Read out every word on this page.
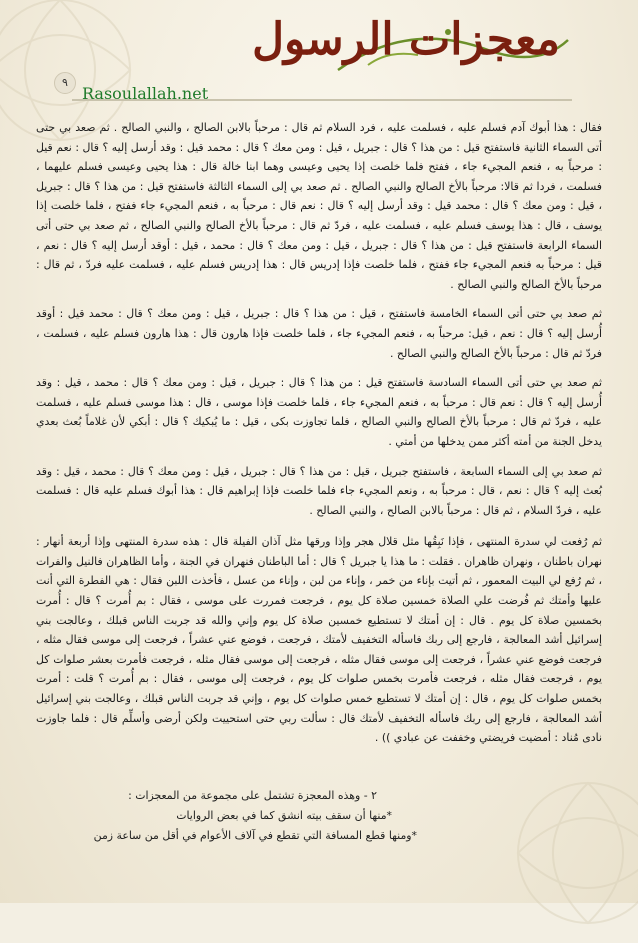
معجزات الرسول
٩
Rasoulallah.net

فقال : هذا أبوك آدم فسلم عليه ، فسلمت عليه ، فرد السلام ثم قال : مرحباً بالابن الصالح ، والنبي الصالح . ثم صعد بي حتى أتى السماء الثانية فاستفتح قيل : من هذا ؟ قال : جبريل ، قيل : ومن معك ؟ قال : محمد قيل : وقد أرسل إليه ؟ قال : نعم قيل : مرحباً به ، فنعم المجيء جاء ، ففتح فلما خلصت إذا يحيى وعيسى وهما ابنا خالة قال : هذا يحيى وعيسى فسلم عليهما ، فسلمت ، فردا ثم قالا: مرحباً بالأخ الصالح والنبي الصالح . ثم صعد بي إلى السماء الثالثة فاستفتح قيل : من هذا ؟ قال : جبريل ، قيل : ومن معك ؟ قال : محمد قيل : وقد أرسل إليه ؟ قال : نعم قال : مرحباً به ، فنعم المجيء جاء ففتح ، فلما خلصت إذا يوسف ، قال : هذا يوسف فسلم عليه ، فسلمت عليه ، فردّ ثم قال : مرحباً بالأخ الصالح والنبي الصالح ، ثم صعد بي حتى أتى السماء الرابعة فاستفتح قيل : من هذا ؟ قال : جبريل ، قيل : ومن معك ؟ قال : محمد ، قيل : أوقد أرسل إليه ؟ قال : نعم ، قيل : مرحباً به فنعم المجيء جاء ففتح ، فلما خلصت فإذا إدريس قال : هذا إدريس فسلم عليه ، فسلمت عليه فردّ ، ثم قال : مرحباً بالأخ الصالح والنبي الصالح .

ثم صعد بي حتى أتى السماء الخامسة فاستفتح ، قيل : من هذا ؟ قال : جبريل ، قيل : ومن معك ؟ قال : محمد قيل : أوقد أُرسل إليه ؟ قال : نعم ، قيل: مرحباً به ، فنعم المجيء جاء ، فلما خلصت فإذا هارون قال : هذا هارون فسلم عليه ، فسلمت ، فردّ ثم قال : مرحباً بالأخ الصالح والنبي الصالح .

ثم صعد بي حتى أتى السماء السادسة فاستفتح قيل : من هذا ؟ قال : جبريل ، قيل : ومن معك ؟ قال : محمد ، قيل : وقد أُرسل إليه ؟ قال : نعم قال : مرحباً به ، فنعم المجيء جاء ، فلما خلصت فإذا موسى ، قال : هذا موسى فسلم عليه ، فسلمت عليه ، فردّ ثم قال : مرحباً بالأخ الصالح والنبي الصالح ، فلما تجاوزت بكى ، قيل : ما يُبكيك ؟ قال : أبكي لأن غلاماً بُعث بعدي يدخل الجنة من أمته أكثر ممن يدخلها من أمتي .

ثم صعد بي إلى السماء السابعة ، فاستفتح جبريل ، قيل : من هذا ؟ قال : جبريل ، قيل : ومن معك ؟ قال : محمد ، قيل : وقد بُعث إليه ؟ قال : نعم ، قال : مرحباً به ، ونعم المجيء جاء فلما خلصت فإذا إبراهيم قال : هذا أبوك فسلم عليه قال : فسلمت عليه ، فردّ السلام ، ثم قال : مرحباً بالابن الصالح ، والنبي الصالح .

ثم رُفعت لي سدرة المنتهى ، فإذا نَبِقُها مثل قلال هجر وإذا ورقها مثل آذان الفيلة قال : هذه سدرة المنتهى وإذا أربعة أنهار : نهران باطنان ، ونهران ظاهران . فقلت : ما هذا يا جبريل ؟ قال : أما الباطنان فنهران في الجنة ، وأما الظاهران فالنيل والفرات ، ثم رُفع لي البيت المعمور ، ثم أتيت بإناء من خمر ، وإناء من لبن ، وإناء من عسل ، فأخذت اللبن فقال : هي الفطرة التي أنت عليها وأمتك ثم فُرضت علي الصلاة خمسين صلاة كل يوم ، فرجعت فمررت على موسى ، فقال : بم أُمرت ؟ قال : أُمرت بخمسين صلاة كل يوم . قال : إن أمتك لا تستطيع خمسين صلاة كل يوم وإني والله قد جربت الناس قبلك ، وعالجت بني إسرائيل أشد المعالجة ، فارجع إلى ربك فاسأله التخفيف لأمتك ، فرجعت ، فوضع عني عشراً ، فرجعت إلى موسى فقال مثله ، فرجعت فوضع عني عشراً ، فرجعت إلى موسى فقال مثله ، فرجعت إلى موسى فقال مثله ، فرجعت فأمرت بعشر صلوات كل يوم ، فرجعت فقال مثله ، فرجعت فأمرت بخمس صلوات كل يوم ، فرجعت إلى موسى ، فقال : بم أُمرت ؟ قلت : أمرت بخمس صلوات كل يوم ، قال : إن أمتك لا تستطيع خمس صلوات كل يوم ، وإني قد جربت الناس قبلك ، وعالجت بني إسرائيل أشد المعالجة ، فارجع إلى ربك فاسأله التخفيف لأمتك قال : سألت ربي حتى استحييت ولكن أرضى وأسلِّم قال : فلما جاوزت نادى مُناد : أمضيت فريضتي وخففت عن عبادي )) .

٢ - وهذه المعجزة تشتمل على مجموعة من المعجزات :

*منها أن سقف بيته انشق كما في بعض الروايات

*ومنها قطع المسافة التي تقطع في آلاف الأعوام في أقل من ساعة زمن
